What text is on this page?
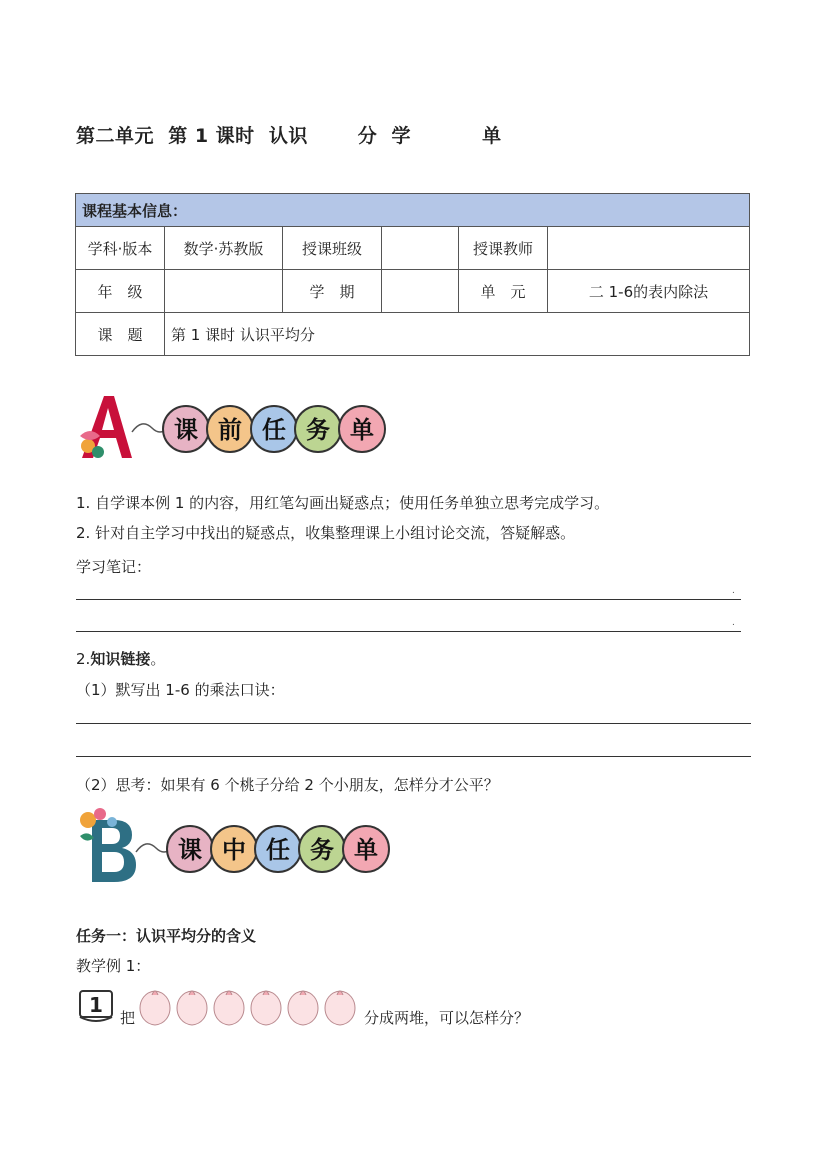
第二单元  第 1 课时  认识       分  学          单
课程基本信息：					
学科·版本	数学·苏教版	授课班级		授课教师	
年　级		学　期		单　元	二 1-6的表内除法
课　题	第 1 课时 认识平均分				
课 前 任 务 单
1. 自学课本例 1 的内容，用红笔勾画出疑惑点；使用任务单独立思考完成学习。
2. 针对自主学习中找出的疑惑点，收集整理课上小组讨论交流，答疑解惑。
学习笔记：
.
.
2.知识链接。
（1）默写出 1-6 的乘法口诀：
（2）思考：如果有 6 个桃子分给 2 个小朋友，怎样分才公平？
课 中 任 务 单
任务一：认识平均分的含义
教学例 1：
1
把	分成两堆，可以怎样分？
